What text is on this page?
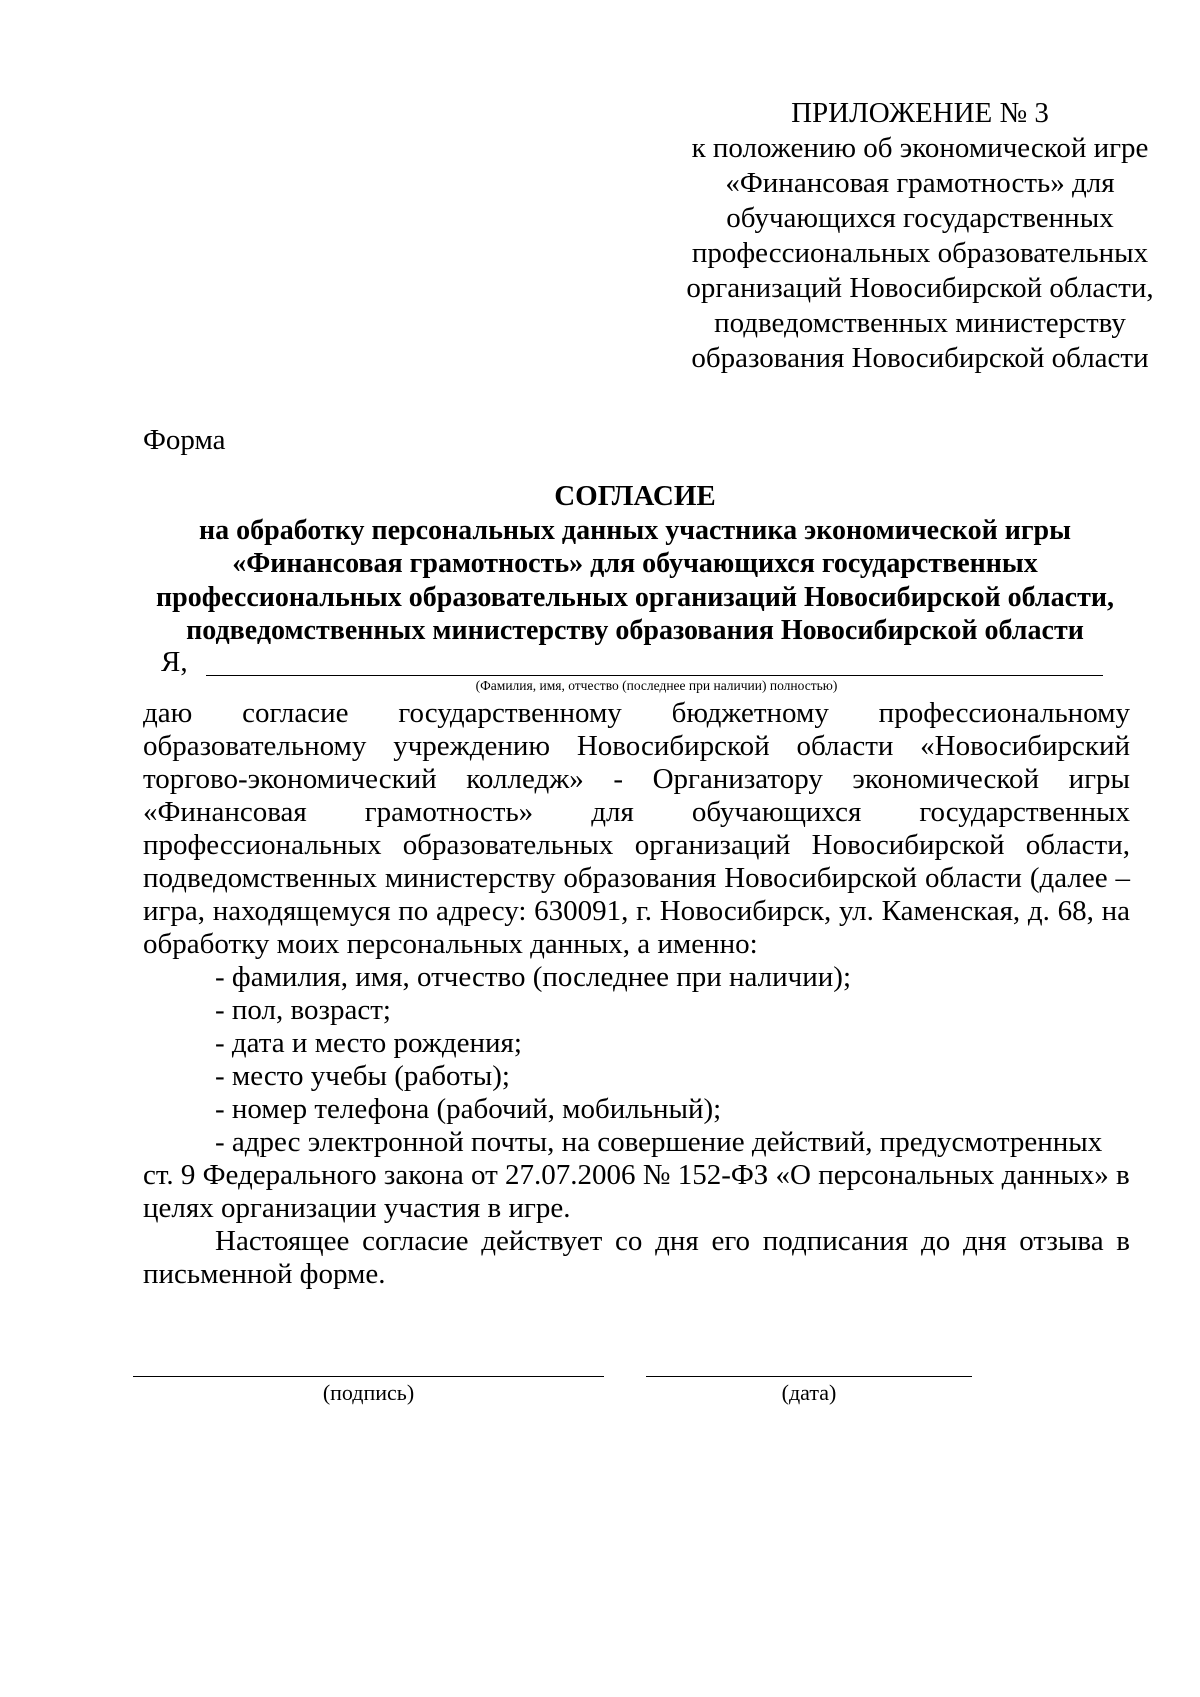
ПРИЛОЖЕНИЕ № 3
к положению об экономической игре
«Финансовая грамотность» для
обучающихся государственных
профессиональных образовательных
организаций Новосибирской области,
подведомственных министерству
образования Новосибирской области
Форма
СОГЛАСИЕ
на обработку персональных данных участника экономической игры
«Финансовая грамотность» для обучающихся государственных
профессиональных образовательных организаций Новосибирской области,
подведомственных министерству образования Новосибирской области
Я,
(Фамилия, имя, отчество (последнее при наличии) полностью)
даю согласие государственному бюджетному профессиональному
образовательному учреждению Новосибирской области «Новосибирский
торгово-экономический колледж» - Организатору экономической игры
«Финансовая грамотность» для обучающихся государственных
профессиональных образовательных организаций Новосибирской области,
подведомственных министерству образования Новосибирской области (далее –
игра, находящемуся по адресу: 630091, г. Новосибирск, ул. Каменская, д. 68, на
обработку моих персональных данных, а именно:
- фамилия, имя, отчество (последнее при наличии);
- пол, возраст;
- дата и место рождения;
- место учебы (работы);
- номер телефона (рабочий, мобильный);
- адрес электронной почты, на совершение действий, предусмотренных
ст. 9 Федерального закона от 27.07.2006 № 152-ФЗ «О персональных данных» в
целях организации участия в игре.
Настоящее согласие действует со дня его подписания до дня отзыва в
письменной форме.
(подпись)	(дата)
